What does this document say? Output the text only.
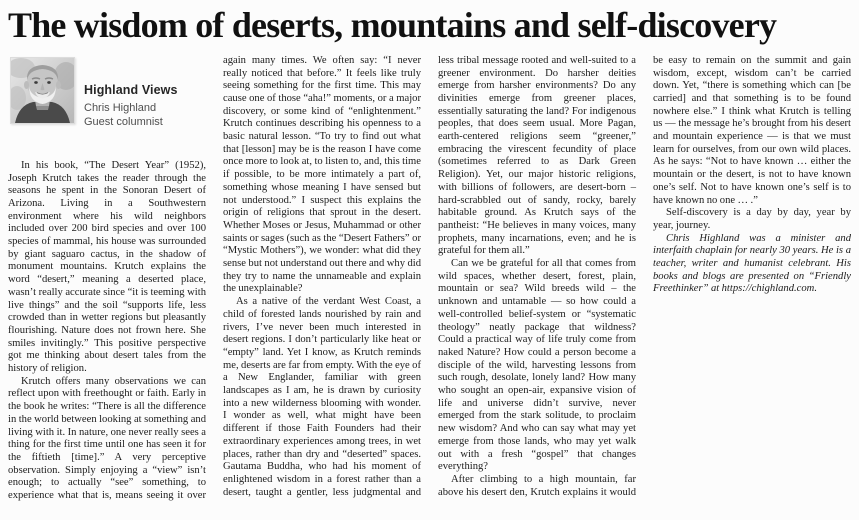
The wisdom of deserts, mountains and self-discovery
Highland Views
Chris Highland
Guest columnist

In his book, “The Desert Year” (1952), Joseph Krutch takes the reader through the seasons he spent in the Sonoran Desert of Arizona. Living in a Southwestern environment where his wild neighbors included over 200 bird species and over 100 species of mammal, his house was surrounded by giant saguaro cactus, in the shadow of monument mountains. Krutch explains the word “desert,” meaning a deserted place, wasn’t really accurate since “it is teeming with live things” and the soil “supports life, less crowded than in wetter regions but pleasantly flourishing. Nature does not frown here. She smiles invitingly.” This positive perspective got me thinking about desert tales from the history of religion.

Krutch offers many observations we can reflect upon with freethought or faith. Early in the book he writes: “There is all the difference in the world between looking at something and living with it. In nature, one never really sees a thing for the first time until one has seen it for the fiftieth [time].” A very perceptive observation. Simply enjoying a “view” isn’t enough; to actually “see” something, to experience what that is, means seeing it over again many times. We often say: “I never really noticed that before.” It feels like truly seeing something for the first time. This may cause one of those “aha!” moments, or a major discovery, or some kind of “enlightenment.” Krutch continues describing his openness to a basic natural lesson. “To try to find out what that [lesson] may be is the reason I have come once more to look at, to listen to, and, this time if possible, to be more intimately a part of, something whose meaning I have sensed but not understood.” I suspect this explains the origin of religions that sprout in the desert. Whether Moses or Jesus, Muhammad or other saints or sages (such as the “Desert Fathers” or “Mystic Mothers”), we wonder: what did they sense but not understand out there and why did they try to name the unnameable and explain the unexplainable?

As a native of the verdant West Coast, a child of forested lands nourished by rain and rivers, I’ve never been much interested in desert regions. I don’t particularly like heat or “empty” land. Yet I know, as Krutch reminds me, deserts are far from empty. With the eye of a New Englander, familiar with green landscapes as I am, he is drawn by curiosity into a new wilderness blooming with wonder. I wonder as well, what might have been different if those Faith Founders had their extraordinary experiences among trees, in wet places, rather than dry and “deserted” spaces. Gautama Buddha, who had his moment of enlightened wisdom in a forest rather than a desert, taught a gentler, less judgmental and less tribal message rooted and well-suited to a greener environment. Do harsher deities emerge from harsher environments? Do any divinities emerge from greener places, essentially saturating the land? For indigenous peoples, that does seem usual. More Pagan, earth-centered religions seem “greener,” embracing the virescent fecundity of place (sometimes referred to as Dark Green Religion). Yet, our major historic religions, with billions of followers, are desert-born – hard-scrabbled out of sandy, rocky, barely habitable ground. As Krutch says of the pantheist: “He believes in many voices, many prophets, many incarnations, even; and he is grateful for them all.”

Can we be grateful for all that comes from wild spaces, whether desert, forest, plain, mountain or sea? Wild breeds wild – the unknown and untamable — so how could a well-controlled belief-system or “systematic theology” neatly package that wildness? Could a practical way of life truly come from naked Nature? How could a person become a disciple of the wild, harvesting lessons from such rough, desolate, lonely land? How many who sought an open-air, expansive vision of life and universe didn’t survive, never emerged from the stark solitude, to proclaim new wisdom? And who can say what may yet emerge from those lands, who may yet walk out with a fresh “gospel” that changes everything?

After climbing to a high mountain, far above his desert den, Krutch explains it would be easy to remain on the summit and gain wisdom, except, wisdom can’t be carried down. Yet, “there is something which can [be carried] and that something is to be found nowhere else.” I think what Krutch is telling us — the message he’s brought from his desert and mountain experience — is that we must learn for ourselves, from our own wild places. As he says: “Not to have known … either the mountain or the desert, is not to have known one’s self. Not to have known one’s self is to have known no one … .”

Self-discovery is a day by day, year by year, journey.

Chris Highland was a minister and interfaith chaplain for nearly 30 years. He is a teacher, writer and humanist celebrant. His books and blogs are presented on “Friendly Freethinker” at https://chighland.com.
